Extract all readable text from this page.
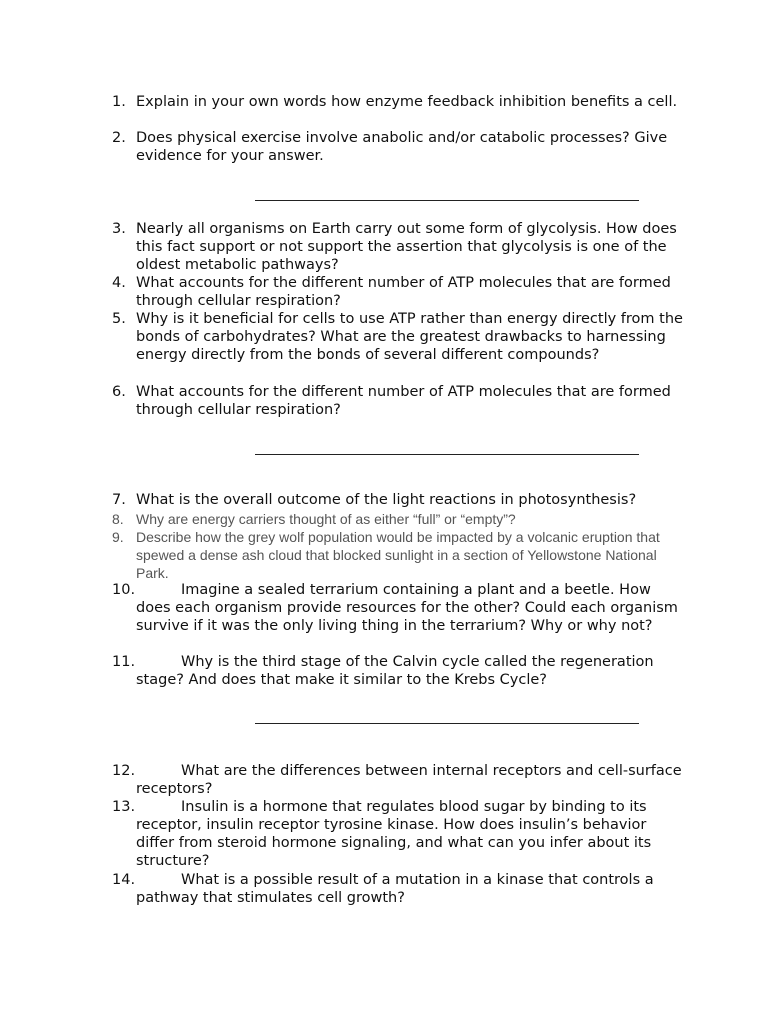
1. Explain in your own words how enzyme feedback inhibition benefits a cell.
2. Does physical exercise involve anabolic and/or catabolic processes? Give evidence for your answer.
3. Nearly all organisms on Earth carry out some form of glycolysis. How does this fact support or not support the assertion that glycolysis is one of the oldest metabolic pathways?
4. What accounts for the different number of ATP molecules that are formed through cellular respiration?
5. Why is it beneficial for cells to use ATP rather than energy directly from the bonds of carbohydrates? What are the greatest drawbacks to harnessing energy directly from the bonds of several different compounds?
6. What accounts for the different number of ATP molecules that are formed through cellular respiration?
7. What is the overall outcome of the light reactions in photosynthesis?
8. Why are energy carriers thought of as either “full” or “empty”?
9. Describe how the grey wolf population would be impacted by a volcanic eruption that spewed a dense ash cloud that blocked sunlight in a section of Yellowstone National Park.
10.	Imagine a sealed terrarium containing a plant and a beetle. How does each organism provide resources for the other? Could each organism survive if it was the only living thing in the terrarium? Why or why not?
11.	Why is the third stage of the Calvin cycle called the regeneration stage? And does that make it similar to the Krebs Cycle?
12.	What are the differences between internal receptors and cell-surface receptors?
13.	Insulin is a hormone that regulates blood sugar by binding to its receptor, insulin receptor tyrosine kinase. How does insulin’s behavior differ from steroid hormone signaling, and what can you infer about its structure?
14.	What is a possible result of a mutation in a kinase that controls a pathway that stimulates cell growth?
